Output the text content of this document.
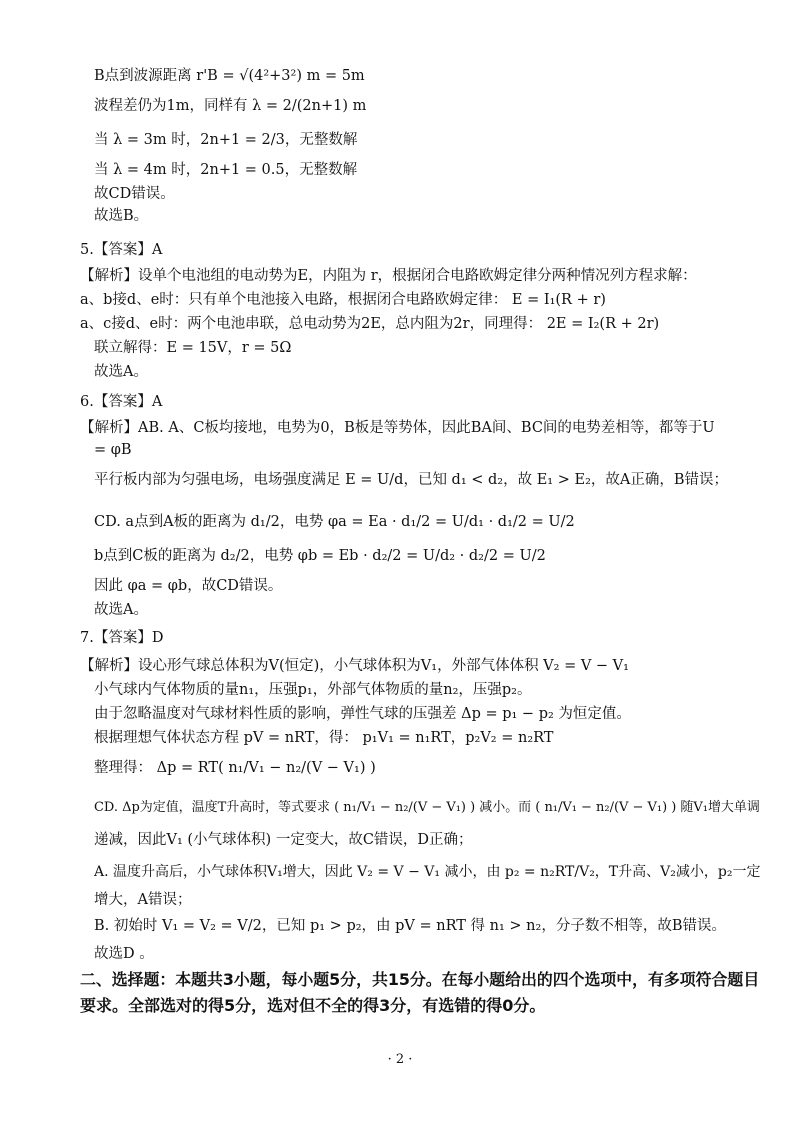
B点到波源距离 r'B = √(4²+3²) m = 5m
波程差仍为1m，同样有 λ = 2/(2n+1) m
当 λ = 3m 时，2n+1 = 2/3，无整数解
当 λ = 4m 时，2n+1 = 0.5，无整数解
故CD错误。
故选B。
5.【答案】A
【解析】设单个电池组的电动势为E，内阻为 r，根据闭合电路欧姆定律分两种情况列方程求解：
a、b接d、e时：只有单个电池接入电路，根据闭合电路欧姆定律： E = I₁(R + r)
a、c接d、e时：两个电池串联，总电动势为2E，总内阻为2r，同理得： 2E = I₂(R + 2r)
联立解得：E = 15V，r = 5Ω
故选A。
6.【答案】A
【解析】AB. A、C板均接地，电势为0，B板是等势体，因此BA间、BC间的电势差相等，都等于U
= φB
平行板内部为匀强电场，电场强度满足 E = U/d，已知 d₁ < d₂，故 E₁ > E₂，故A正确，B错误；
CD. a点到A板的距离为 d₁/2，电势 φa = Ea · d₁/2 = U/d₁ · d₁/2 = U/2
b点到C板的距离为 d₂/2，电势 φb = Eb · d₂/2 = U/d₂ · d₂/2 = U/2
因此 φa = φb，故CD错误。
故选A。
7.【答案】D
【解析】设心形气球总体积为V(恒定)，小气球体积为V₁，外部气体体积 V₂ = V − V₁
小气球内气体物质的量n₁，压强p₁，外部气体物质的量n₂，压强p₂。
由于忽略温度对气球材料性质的影响，弹性气球的压强差 Δp = p₁ − p₂ 为恒定值。
根据理想气体状态方程 pV = nRT，得： p₁V₁ = n₁RT，p₂V₂ = n₂RT
整理得： Δp = RT( n₁/V₁ − n₂/(V − V₁) )
CD. Δp为定值，温度T升高时，等式要求 ( n₁/V₁ − n₂/(V − V₁) ) 减小。而 ( n₁/V₁ − n₂/(V − V₁) ) 随V₁增大单调
递减，因此V₁ (小气球体积) 一定变大，故C错误，D正确；
A. 温度升高后，小气球体积V₁增大，因此 V₂ = V − V₁ 减小，由 p₂ = n₂RT/V₂，T升高、V₂减小，p₂一定
增大，A错误；
B. 初始时 V₁ = V₂ = V/2，已知 p₁ > p₂，由 pV = nRT 得 n₁ > n₂，分子数不相等，故B错误。
故选D 。
二、选择题：本题共3小题，每小题5分，共15分。在每小题给出的四个选项中，有多项符合题目
要求。全部选对的得5分，选对但不全的得3分，有选错的得0分。
· 2 ·
